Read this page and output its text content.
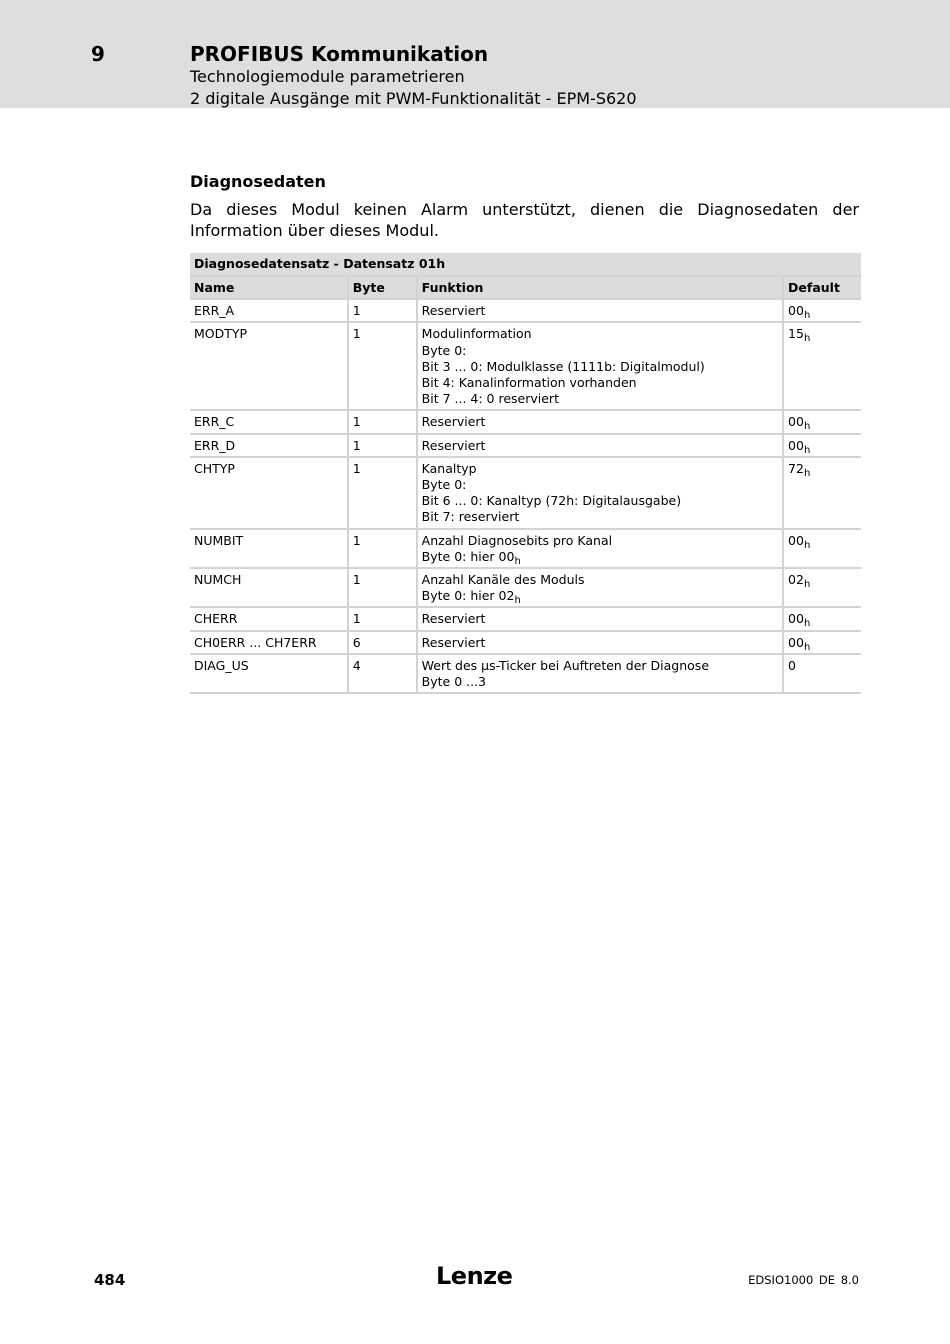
9	PROFIBUS Kommunikation
Technologiemodule parametrieren
2 digitale Ausgänge mit PWM-Funktionalität - EPM-S620
Diagnosedaten
Da dieses Modul keinen Alarm unterstützt, dienen die Diagnosedaten der Information über dieses Modul.
Diagnosedatensatz - Datensatz 01h			
Name	Byte	Funktion	Default
ERR_A	1	Reserviert	$00_h$
MODTYP	1	Modulinformation
Byte 0:
Bit 3 ... 0: Modulklasse (1111b: Digitalmodul)
Bit 4: Kanalinformation vorhanden
Bit 7 ... 4: 0 reserviert	$15_h$
ERR_C	1	Reserviert	$00_h$
ERR_D	1	Reserviert	$00_h$
CHTYP	1	Kanaltyp
Byte 0:
Bit 6 ... 0: Kanaltyp (72h: Digitalausgabe)
Bit 7: reserviert	$72_h$
NUMBIT	1	Anzahl Diagnosebits pro Kanal
Byte 0: hier $00_h$	$00_h$
NUMCH	1	Anzahl Kanäle des Moduls
Byte 0: hier $02_h$	$02_h$
CHERR	1	Reserviert	$00_h$
CH0ERR ... CH7ERR	6	Reserviert	$00_h$
DIAG_US	4	Wert des µs-Ticker bei Auftreten der Diagnose
Byte 0 ...3	0
484	Lenze	EDSIO1000 DE 8.0
